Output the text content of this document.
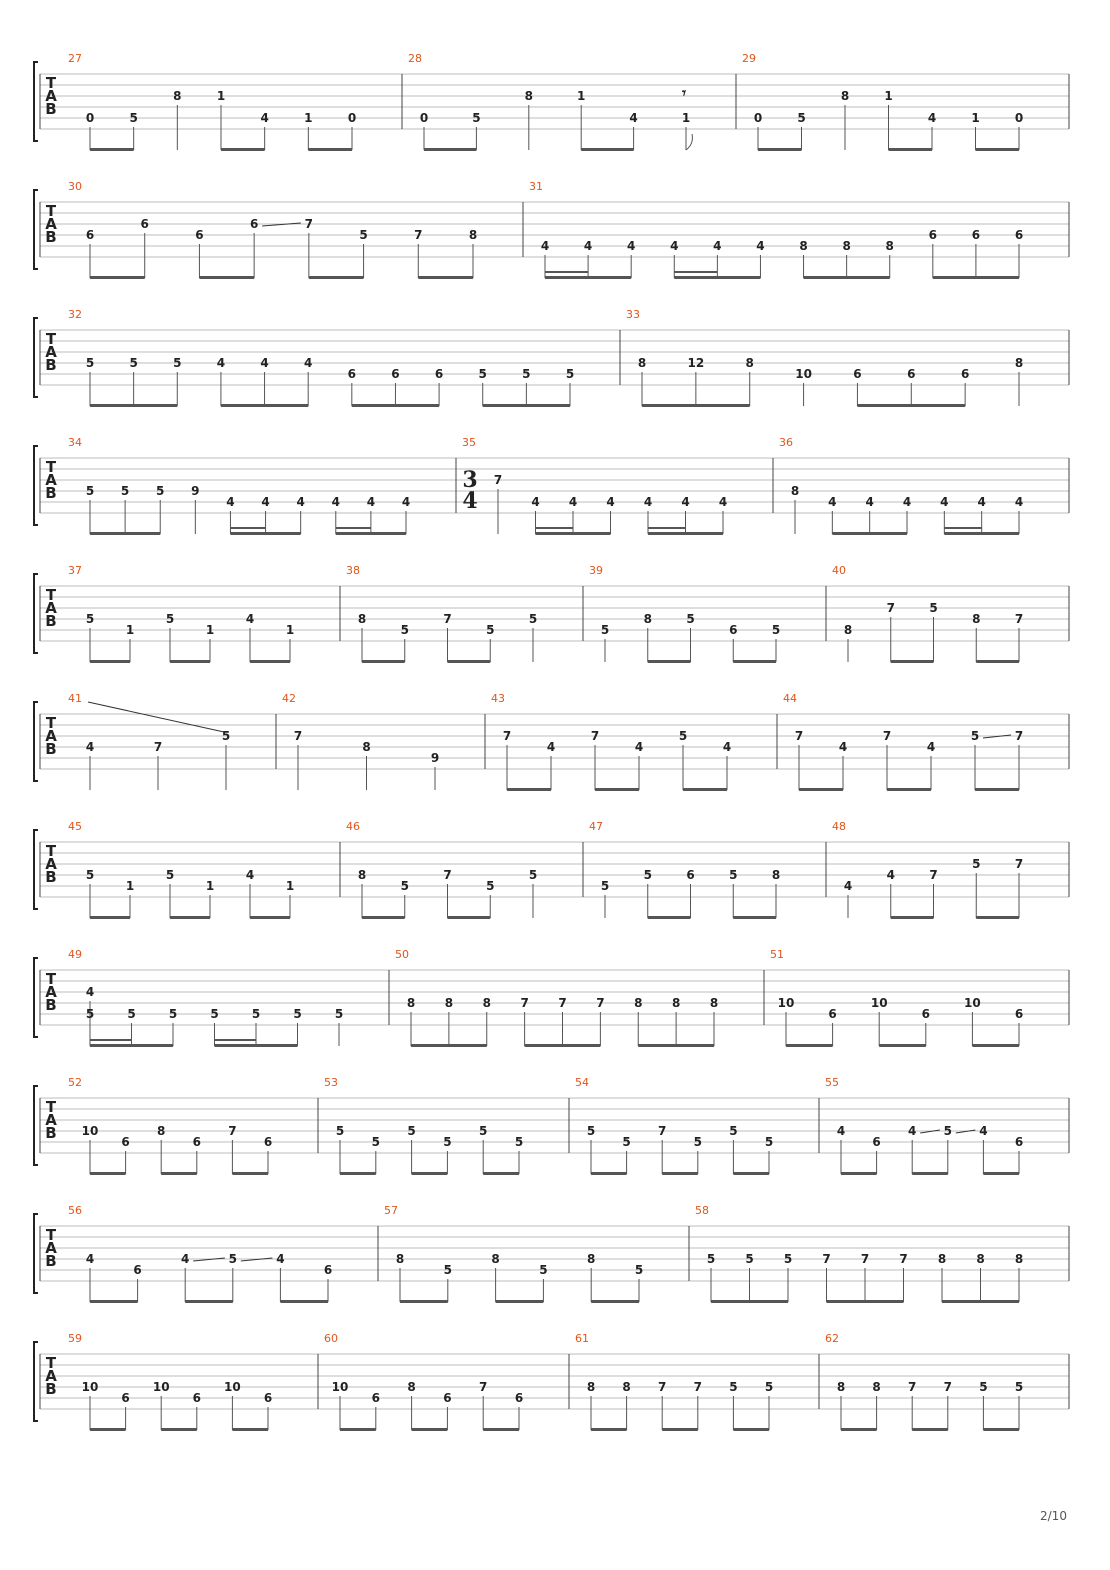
T
A
B
27
0	5
8	1
4	1	0
28
0	5
8	1
4	1
𝄾
29
0	5
8	1
4	1	0
T
A
B
30
6
6
6
6	7
5	7	8
31
4	4	4	4	4	4	8	8	8
6	6	6
T
A
B
32
5	5	5	4	4	4
6	6	6	5	5	5
33
8	12	8
10	6	6	6
8
T
A
B
34
5 5 5 9
4 4 4 4 4 4
35
3
4
7
4 4 4 4 4 4
36
8
4 4 4 4 4 4
T
A
B
37
5
1
5
1
4
1
38
8
5
7
5
5
39
5
8	5
6	5
40
8
7	5
8	7
T
A
B
41
4	7
5
42
7
8
9
43
7
4
7
4
5
4
44
7
4
7
4
5	7
T
A
B
45
5
1
5
1
4
1
46
8
5
7
5
5
47
5
5	6	5	8
48
4
4	7
5	7
T
A
B
49
4
5	5	5	5	5	5	5
50
8 8 8 7 7 7 8 8 8
51
10
6
10
6
10
6
T
A
B
52
10
6
8
6
7
6
53
5
5
5
5
5
5
54
5
5
7
5
5
5
55
4
6
4 5 4
6
T
A
B
56
4
6
4	5	4
6
57
8
5
8
5
8
5
58
5	5	5	7	7	7	8	8	8
T
A
B
59
10
6
10
6
10
6
60
10
6
8
6
7
6
61
8 8 7 7 5 5
62
8 8 7 7 5 5
2/10
